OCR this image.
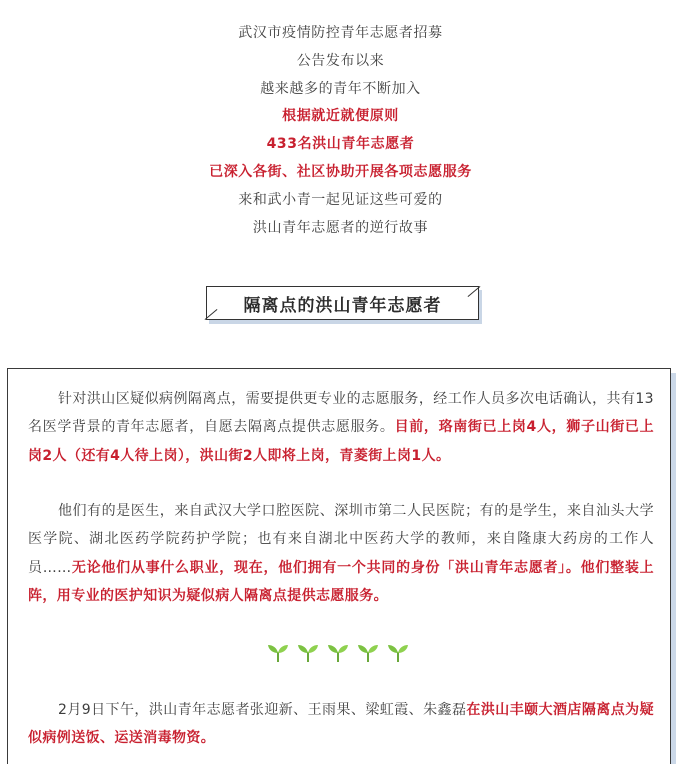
武汉市疫情防控青年志愿者招募

公告发布以来

越来越多的青年不断加入

根据就近就便原则

433名洪山青年志愿者

已深入各街、社区协助开展各项志愿服务

来和武小青一起见证这些可爱的

洪山青年志愿者的逆行故事

隔离点的洪山青年志愿者

针对洪山区疑似病例隔离点，需要提供更专业的志愿服务，经工作人员多次电话确认，共有13名医学背景的青年志愿者，自愿去隔离点提供志愿服务。目前，珞南街已上岗4人，狮子山街已上岗2人（还有4人待上岗），洪山街2人即将上岗，青菱街上岗1人。

他们有的是医生，来自武汉大学口腔医院、深圳市第二人民医院；有的是学生，来自汕头大学医学院、湖北医药学院药护学院；也有来自湖北中医药大学的教师，来自隆康大药房的工作人员……无论他们从事什么职业，现在，他们拥有一个共同的身份「洪山青年志愿者」。他们整装上阵，用专业的医护知识为疑似病人隔离点提供志愿服务。

2月9日下午，洪山青年志愿者张迎新、王雨果、梁虹霞、朱鑫磊在洪山丰颐大酒店隔离点为疑似病例送饭、运送消毒物资。
